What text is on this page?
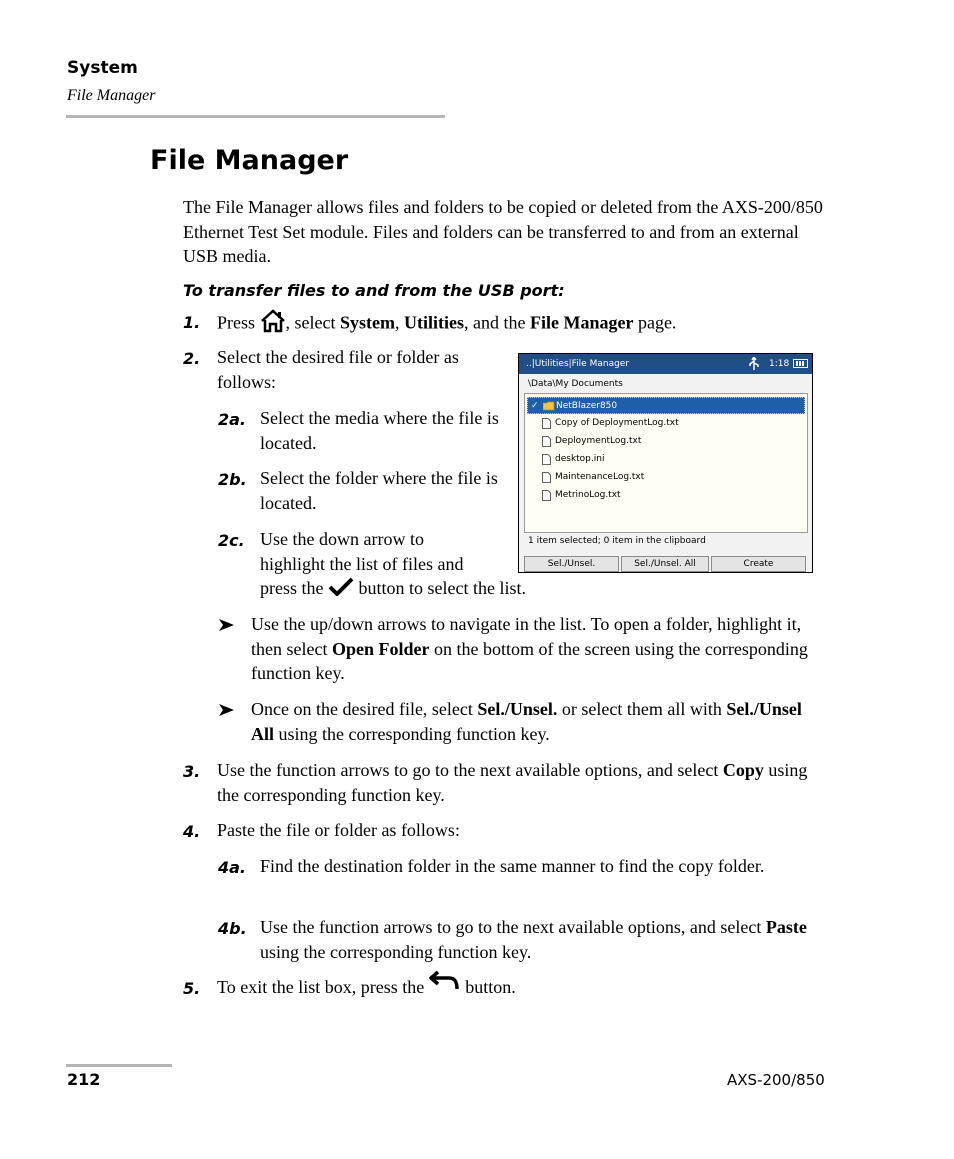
System
File Manager
File Manager
The File Manager allows files and folders to be copied or deleted from the AXS-200/850 Ethernet Test Set module. Files and folders can be transferred to and from an external USB media.
To transfer files to and from the USB port:
1. Press , select System, Utilities, and the File Manager page.
2. Select the desired file or folder as follows:
2a. Select the media where the file is located.
2b. Select the folder where the file is located.
2c. Use the down arrow to
highlight the list of files and
press the button to select the list.
..|Utilities|File Manager	1:18
\Data\My Documents
✓ NetBlazer850
Copy of DeploymentLog.txt
DeploymentLog.txt
desktop.ini
MaintenanceLog.txt
MetrinoLog.txt
1 item selected; 0 item in the clipboard
Sel./Unsel.	Sel./Unsel. All	Create
Use the up/down arrows to navigate in the list. To open a folder, highlight it, then select Open Folder on the bottom of the screen using the corresponding function key.
Once on the desired file, select Sel./Unsel. or select them all with Sel./Unsel All using the corresponding function key.
3. Use the function arrows to go to the next available options, and select Copy using the corresponding function key.
4. Paste the file or folder as follows:
4a. Find the destination folder in the same manner to find the copy folder.
4b. Use the function arrows to go to the next available options, and select Paste using the corresponding function key.
5. To exit the list box, press the button.
212	AXS-200/850
